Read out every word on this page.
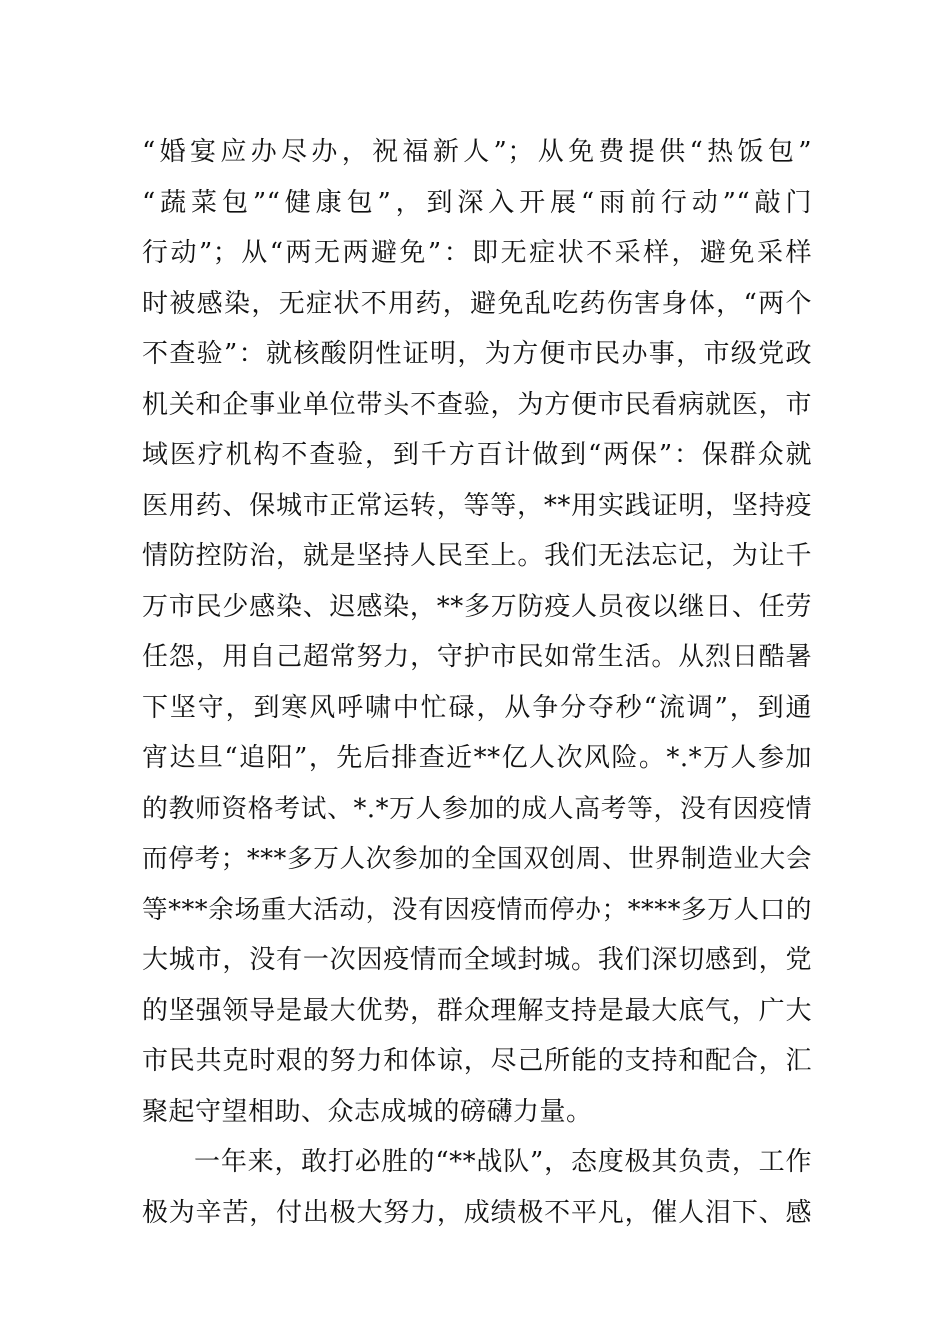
“婚宴应办尽办，祝福新人”；从免费提供“热饭包”
“蔬菜包”“健康包”，到深入开展“雨前行动”“敲门
行动”；从“两无两避免”：即无症状不采样，避免采样
时被感染，无症状不用药，避免乱吃药伤害身体，“两个
不查验”：就核酸阴性证明，为方便市民办事，市级党政
机关和企事业单位带头不查验，为方便市民看病就医，市
域医疗机构不查验，到千方百计做到“两保”：保群众就
医用药、保城市正常运转，等等，**用实践证明，坚持疫
情防控防治，就是坚持人民至上。我们无法忘记，为让千
万市民少感染、迟感染，**多万防疫人员夜以继日、任劳
任怨，用自己超常努力，守护市民如常生活。从烈日酷暑
下坚守，到寒风呼啸中忙碌，从争分夺秒“流调”，到通
宵达旦“追阳”，先后排查近**亿人次风险。*.*万人参加
的教师资格考试、*.*万人参加的成人高考等，没有因疫情
而停考；***多万人次参加的全国双创周、世界制造业大会
等***余场重大活动，没有因疫情而停办；****多万人口的
大城市，没有一次因疫情而全域封城。我们深切感到，党
的坚强领导是最大优势，群众理解支持是最大底气，广大
市民共克时艰的努力和体谅，尽己所能的支持和配合，汇
聚起守望相助、众志成城的磅礴力量。
一年来，敢打必胜的“**战队”，态度极其负责，工作
极为辛苦，付出极大努力，成绩极不平凡，催人泪下、感
